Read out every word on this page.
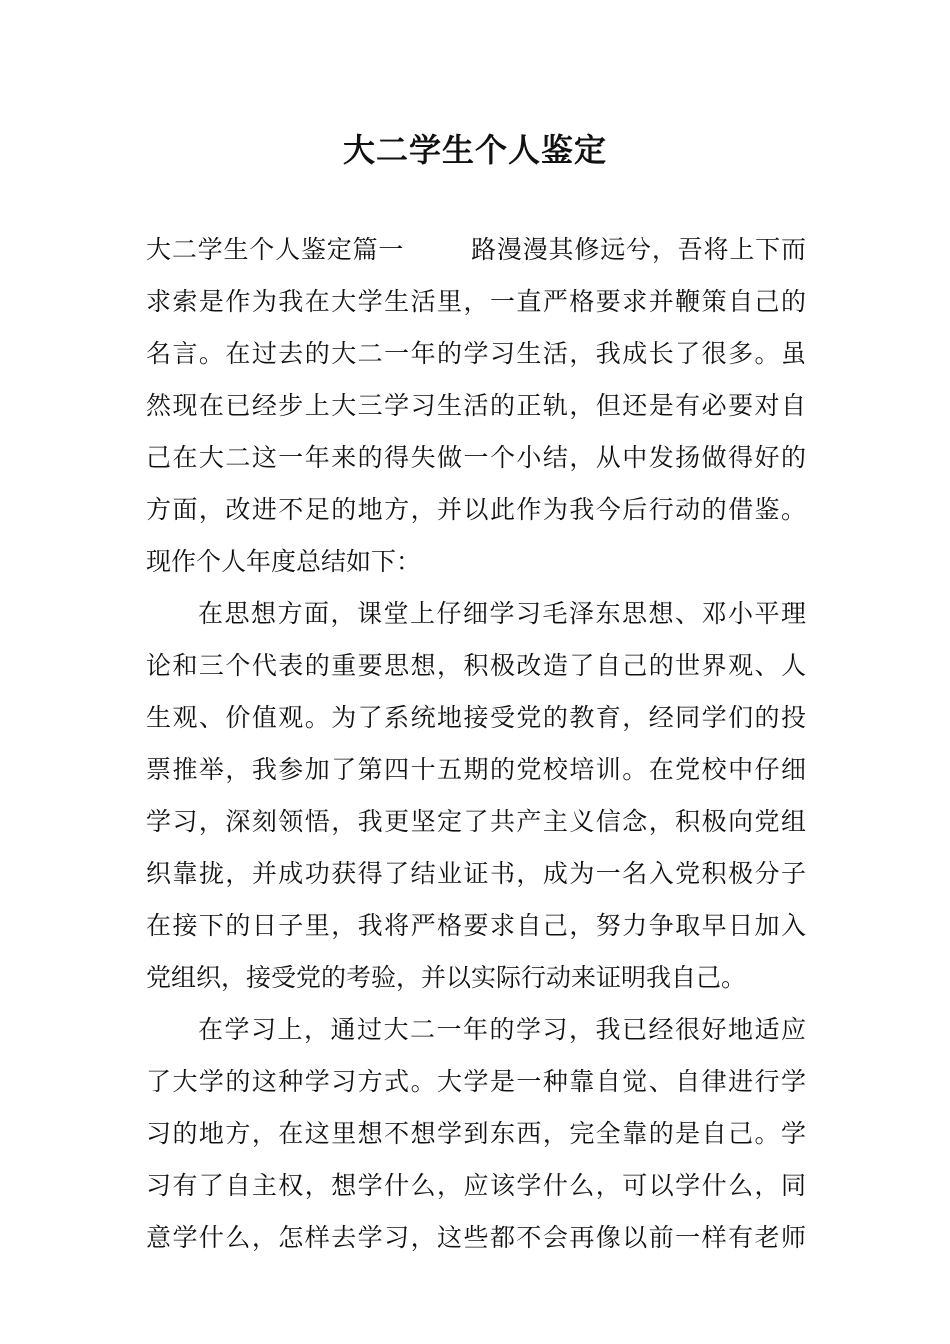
大二学生个人鉴定
大二学生个人鉴定篇一	路漫漫其修远兮，吾将上下而
求索是作为我在大学生活里，一直严格要求并鞭策自己的
名言。在过去的大二一年的学习生活，我成长了很多。虽
然现在已经步上大三学习生活的正轨，但还是有必要对自
己在大二这一年来的得失做一个小结，从中发扬做得好的
方面，改进不足的地方，并以此作为我今后行动的借鉴。
现作个人年度总结如下：
在思想方面，课堂上仔细学习毛泽东思想、邓小平理
论和三个代表的重要思想，积极改造了自己的世界观、人
生观、价值观。为了系统地接受党的教育，经同学们的投
票推举，我参加了第四十五期的党校培训。在党校中仔细
学习，深刻领悟，我更坚定了共产主义信念，积极向党组
织靠拢，并成功获得了结业证书，成为一名入党积极分子
在接下的日子里，我将严格要求自己，努力争取早日加入
党组织，接受党的考验，并以实际行动来证明我自己。
在学习上，通过大二一年的学习，我已经很好地适应
了大学的这种学习方式。大学是一种靠自觉、自律进行学
习的地方，在这里想不想学到东西，完全靠的是自己。学
习有了自主权，想学什么，应该学什么，可以学什么，同
意学什么，怎样去学习，这些都不会再像以前一样有老师
